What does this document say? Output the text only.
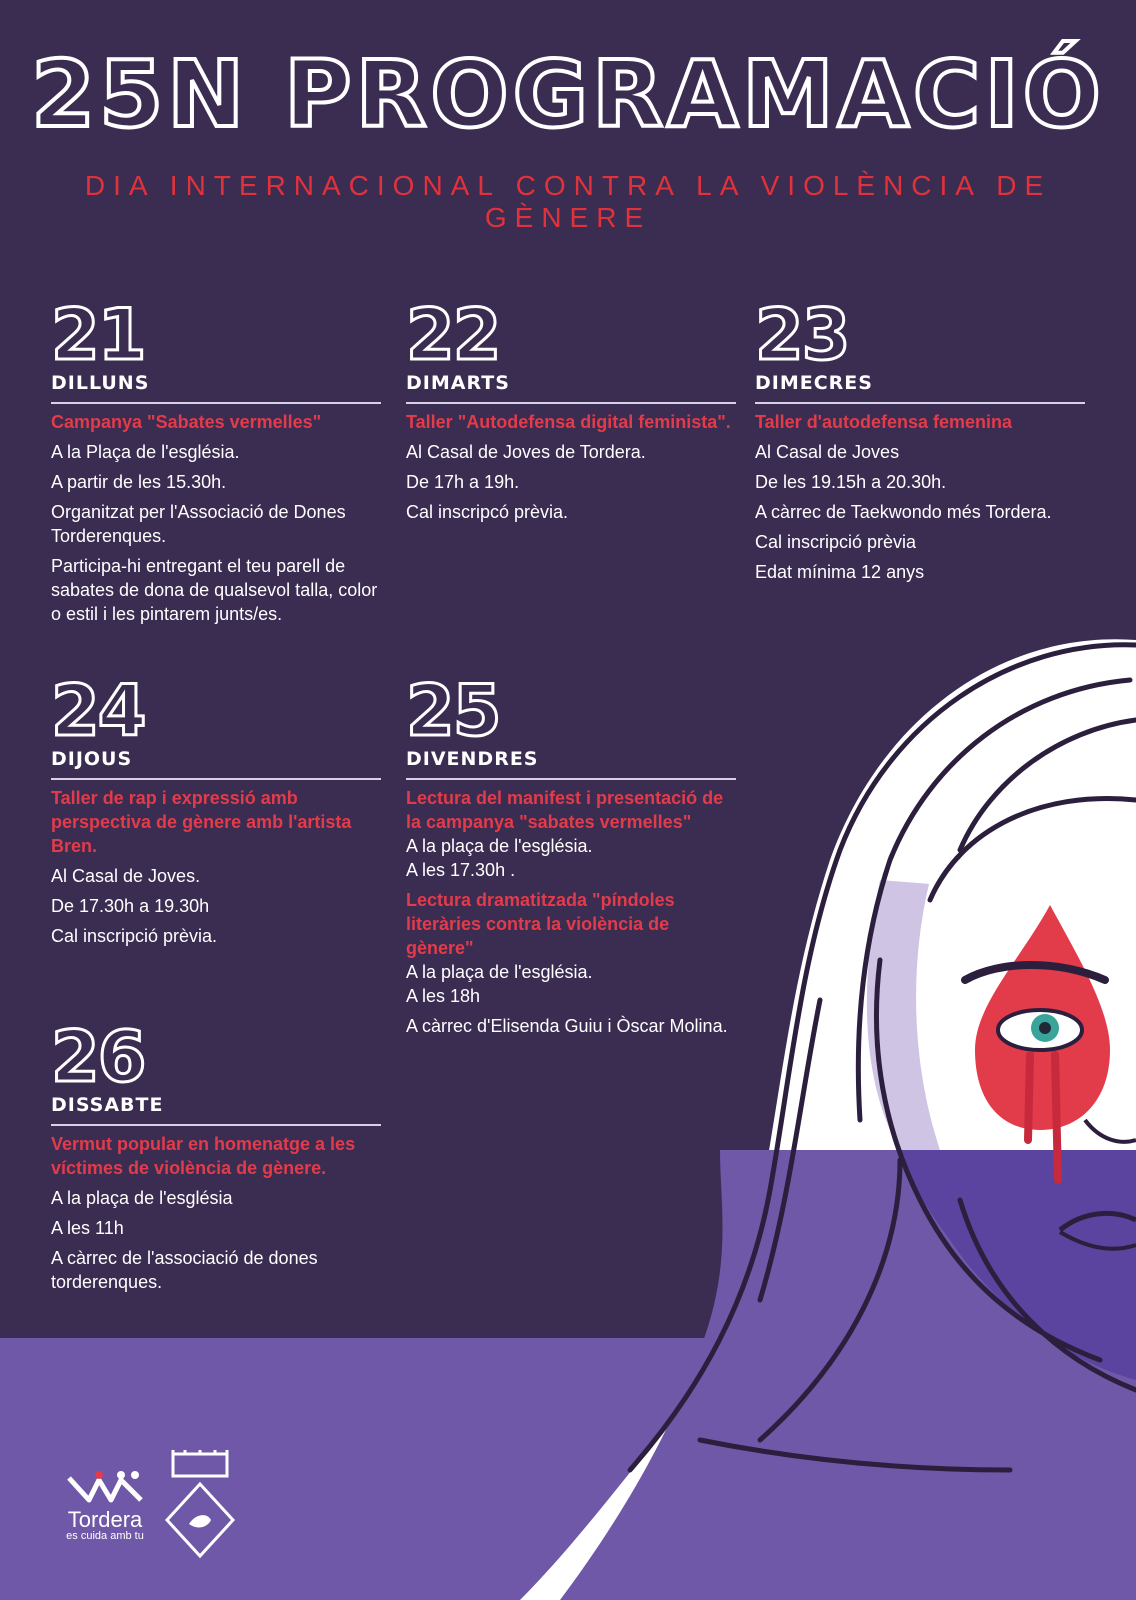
25N PROGRAMACIÓ
DIA INTERNACIONAL CONTRA LA VIOLÈNCIA DE GÈNERE
21
DILLUNS
Campanya "Sabates vermelles"
A la Plaça de l'església.
A partir de les 15.30h.
Organitzat per l'Associació de Dones Torderenques.
Participa-hi entregant el teu parell de sabates de dona de qualsevol talla, color o estil i les pintarem junts/es.
22
DIMARTS
Taller "Autodefensa digital feminista".
Al Casal de Joves de Tordera.
De 17h a 19h.
Cal inscripcó prèvia.
23
DIMECRES
Taller d'autodefensa femenina
Al Casal de Joves
De les 19.15h a 20.30h.
A càrrec de Taekwondo més Tordera.
Cal inscripció prèvia
Edat mínima 12 anys
24
DIJOUS
Taller de rap i expressió amb perspectiva de gènere amb l'artista Bren.
Al Casal de Joves.
De 17.30h a 19.30h
Cal inscripció prèvia.
25
DIVENDRES
Lectura del manifest i presentació de la campanya "sabates vermelles"
A la plaça de l'església.
A les 17.30h .
Lectura dramatitzada "píndoles literàries contra la violència de gènere"
A la plaça de l'església.
A les 18h
A càrrec d'Elisenda Guiu i Òscar Molina.
26
DISSABTE
Vermut popular en homenatge a les víctimes de violència de gènere.
A la plaça de l'església
A les 11h
A càrrec de l'associació de dones torderenques.
Tordera
es cuida amb tu
